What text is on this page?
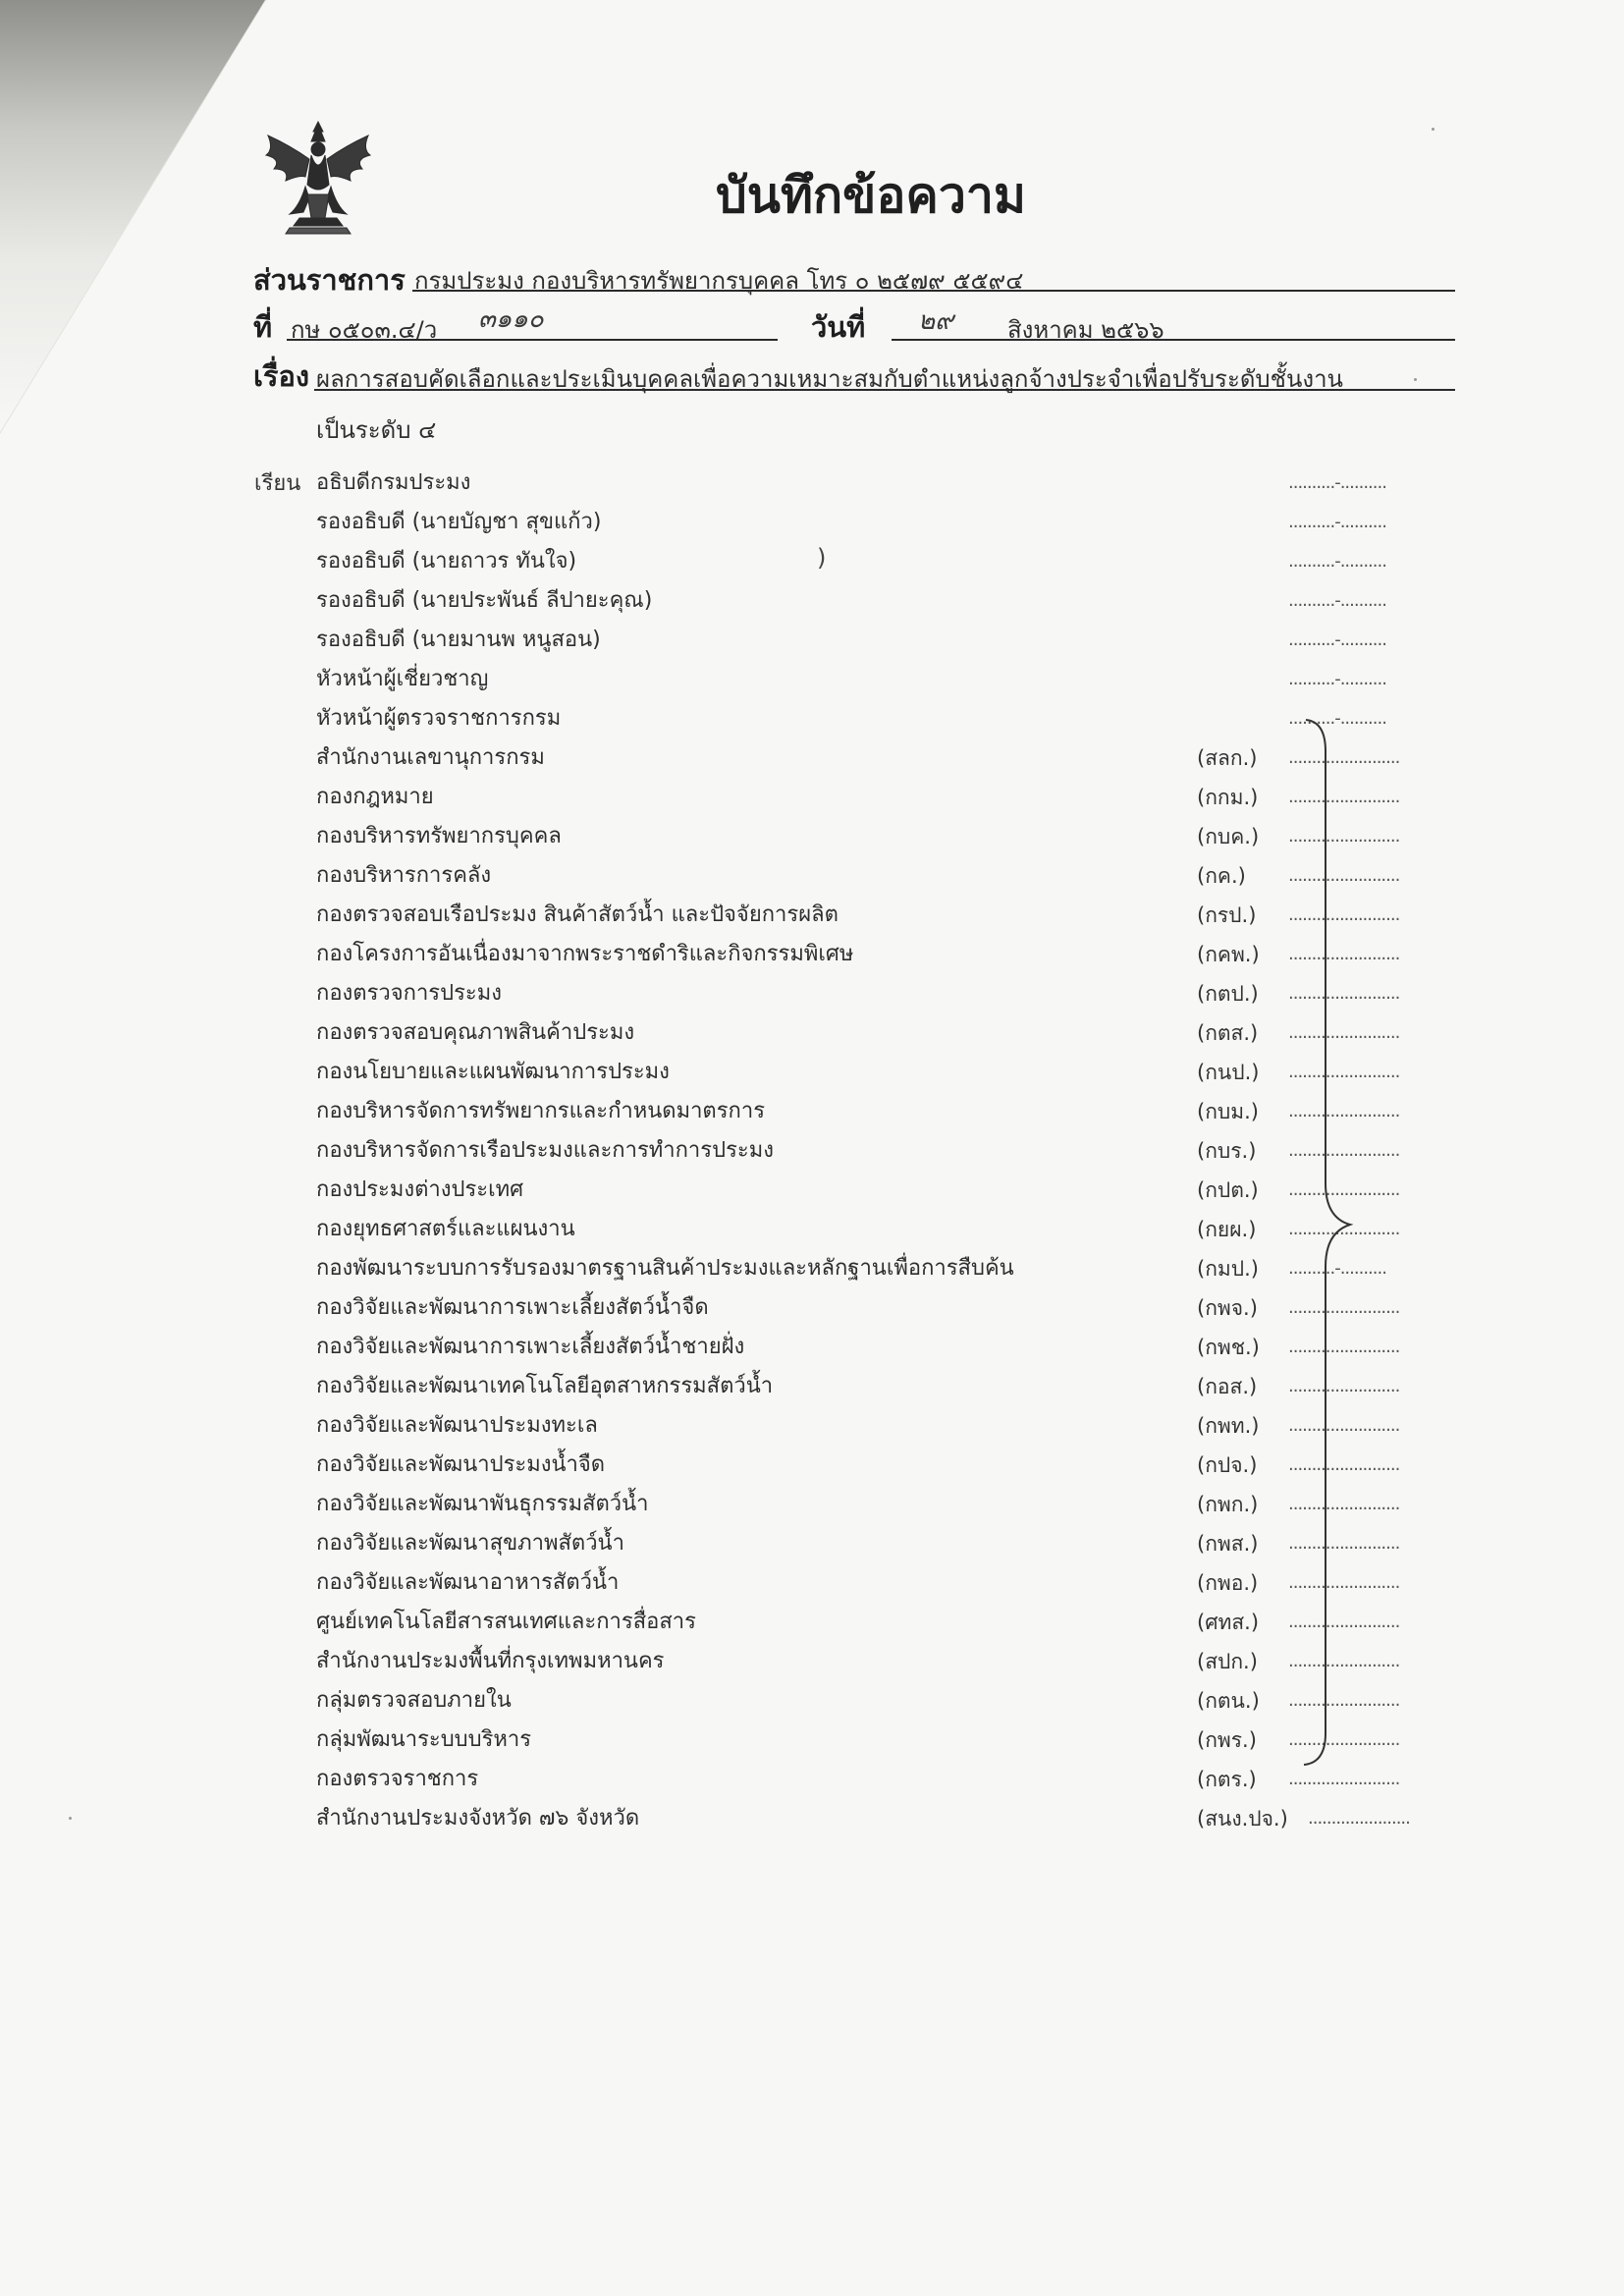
บันทึกข้อความ
ส่วนราชการ กรมประมง กองบริหารทรัพยากรบุคคล โทร ๐ ๒๕๗๙ ๕๕๙๔
ที่ กษ ๐๕๐๓.๔/ว ๓๑๑๐	วันที่ ๒๙ สิงหาคม ๒๕๖๖
เรื่อง ผลการสอบคัดเลือกและประเมินบุคคลเพื่อความเหมาะสมกับตำแหน่งลูกจ้างประจำเพื่อปรับระดับชั้นงาน
เป็นระดับ ๔
เรียน
)
อธิบดีกรมประมง	..........-..........
รองอธิบดี (นายบัญชา สุขแก้ว)	..........-..........
รองอธิบดี (นายถาวร ทันใจ)	..........-..........
รองอธิบดี (นายประพันธ์ ลีปายะคุณ)	..........-..........
รองอธิบดี (นายมานพ หนูสอน)	..........-..........
หัวหน้าผู้เชี่ยวชาญ	..........-..........
หัวหน้าผู้ตรวจราชการกรม	..........-..........
สำนักงานเลขานุการกรม	(สลก.) ........................
กองกฎหมาย	(กกม.) ........................
กองบริหารทรัพยากรบุคคล	(กบค.) ........................
กองบริหารการคลัง	(กค.) ........................
กองตรวจสอบเรือประมง สินค้าสัตว์น้ำ และปัจจัยการผลิต	(กรป.) ........................
กองโครงการอันเนื่องมาจากพระราชดำริและกิจกรรมพิเศษ	(กคพ.) ........................
กองตรวจการประมง	(กตป.) ........................
กองตรวจสอบคุณภาพสินค้าประมง	(กตส.) ........................
กองนโยบายและแผนพัฒนาการประมง	(กนป.) ........................
กองบริหารจัดการทรัพยากรและกำหนดมาตรการ	(กบม.) ........................
กองบริหารจัดการเรือประมงและการทำการประมง	(กบร.) ........................
กองประมงต่างประเทศ	(กปต.) ........................
กองยุทธศาสตร์และแผนงาน	(กยผ.) ........................
กองพัฒนาระบบการรับรองมาตรฐานสินค้าประมงและหลักฐานเพื่อการสืบค้น	(กมป.) ..........-..........
กองวิจัยและพัฒนาการเพาะเลี้ยงสัตว์น้ำจืด	(กพจ.) ........................
กองวิจัยและพัฒนาการเพาะเลี้ยงสัตว์น้ำชายฝั่ง	(กพช.) ........................
กองวิจัยและพัฒนาเทคโนโลยีอุตสาหกรรมสัตว์น้ำ	(กอส.) ........................
กองวิจัยและพัฒนาประมงทะเล	(กพท.) ........................
กองวิจัยและพัฒนาประมงน้ำจืด	(กปจ.) ........................
กองวิจัยและพัฒนาพันธุกรรมสัตว์น้ำ	(กพก.) ........................
กองวิจัยและพัฒนาสุขภาพสัตว์น้ำ	(กพส.) ........................
กองวิจัยและพัฒนาอาหารสัตว์น้ำ	(กพอ.) ........................
ศูนย์เทคโนโลยีสารสนเทศและการสื่อสาร	(ศทส.) ........................
สำนักงานประมงพื้นที่กรุงเทพมหานคร	(สปก.) ........................
กลุ่มตรวจสอบภายใน	(กตน.) ........................
กลุ่มพัฒนาระบบบริหาร	(กพร.) ........................
กองตรวจราชการ	(กตร.) ........................
สำนักงานประมงจังหวัด ๗๖ จังหวัด	(สนง.ปจ.) ......................
